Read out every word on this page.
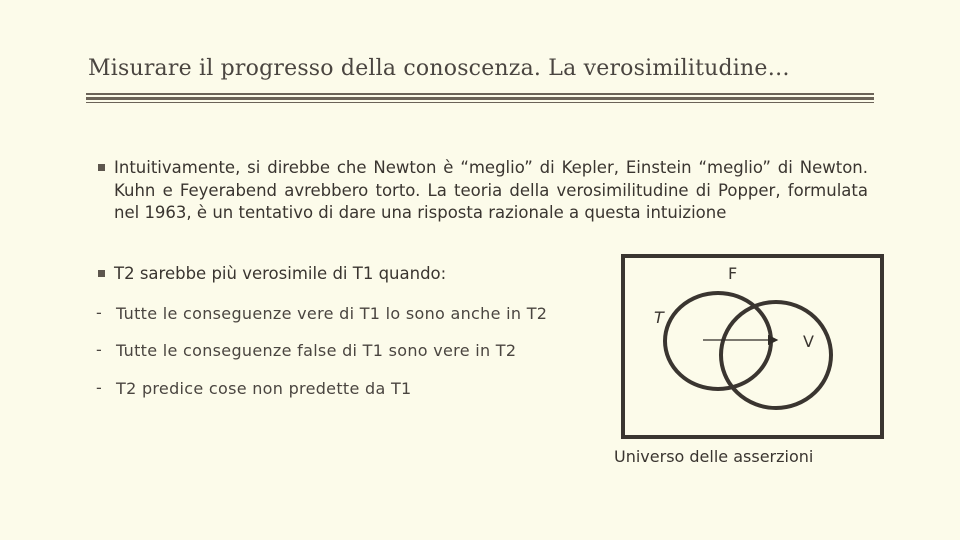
Misurare il progresso della conoscenza. La verosimilitudine…
Intuitivamente, si direbbe che Newton è “meglio” di Kepler, Einstein “meglio” di Newton. Kuhn e Feyerabend avrebbero torto. La teoria della verosimilitudine di Popper, formulata nel 1963, è un tentativo di dare una risposta razionale a questa intuizione
T2 sarebbe più verosimile di T1 quando:
- Tutte le conseguenze vere di T1 lo sono anche in T2
- Tutte le conseguenze false di T1 sono vere in T2
- T2 predice cose non predette da T1
F
T
V
Universo delle asserzioni
